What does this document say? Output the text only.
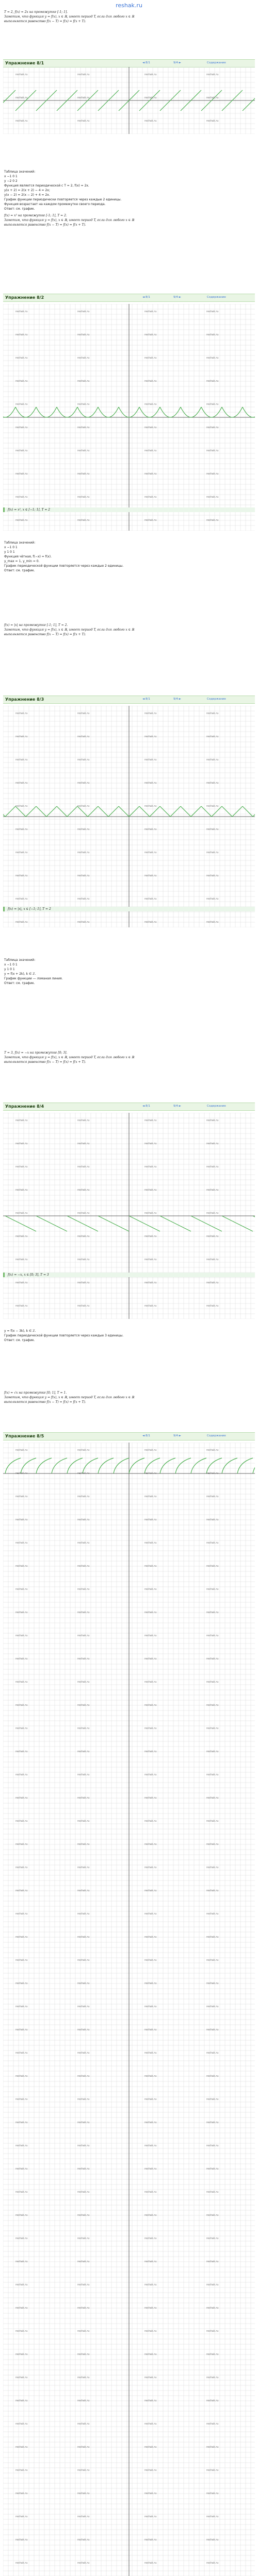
reshak.ru
T = 2, f(x) = 2x на промежутке [-1; 1].
Заметим, что функция y = f(x), x ∈ ℝ, имеет период T, если для любого x ∈ ℝ
выполняется равенство f(x − T) = f(x) = f(x + T).
Упражнение 8/1	◄ 8/1	9/4 ►	Содержание
reshak.ru	reshak.ru	reshak.ru	reshak.ru
reshak.ru	reshak.ru	reshak.ru	reshak.ru
reshak.ru	reshak.ru	reshak.ru	reshak.ru
Таблица значений:
x −1 0 1
y −2 0 2
Функция является периодической с T = 2, f(x) = 2x.
y(x + 2) = 2(x + 2) − 4 = 2x;
y(x − 2) = 2(x − 2) + 4 = 2x.
График функции периодически повторяется через каждые 2 единицы.
Функция возрастает на каждом промежутке своего периода.
Ответ: см. график.
f(x) = x² на промежутке [-1; 1], T = 2.
Заметим, что функция y = f(x), x ∈ ℝ, имеет период T, если для любого x ∈ ℝ
выполняется равенство f(x − T) = f(x) = f(x + T).
Упражнение 8/2	◄ 8/1	9/4 ►	Содержание
reshak.ru	reshak.ru	reshak.ru	reshak.ru
reshak.ru	reshak.ru	reshak.ru	reshak.ru
reshak.ru	reshak.ru	reshak.ru	reshak.ru
reshak.ru	reshak.ru	reshak.ru	reshak.ru
reshak.ru	reshak.ru	reshak.ru	reshak.ru
reshak.ru	reshak.ru	reshak.ru	reshak.ru
reshak.ru	reshak.ru	reshak.ru	reshak.ru
reshak.ru	reshak.ru	reshak.ru	reshak.ru
reshak.ru	reshak.ru	reshak.ru	reshak.ru
reshak.ru	reshak.ru	reshak.ru	reshak.ru
f(x) = x², x ∈ [−1; 1], T = 2
Таблица значений:
x −1 0 1
y 1 0 1
Функция чётная, f(−x) = f(x).
y_max = 1, y_min = 0.
График периодической функции повторяется через каждые 2 единицы.
Ответ: см. график.
f(x) = |x| на промежутке [-1; 1], T = 2.
Заметим, что функция y = f(x), x ∈ ℝ, имеет период T, если для любого x ∈ ℝ
выполняется равенство f(x − T) = f(x) = f(x + T).
Упражнение 8/3	◄ 8/1	9/4 ►	Содержание
reshak.ru	reshak.ru	reshak.ru	reshak.ru
reshak.ru	reshak.ru	reshak.ru	reshak.ru
reshak.ru	reshak.ru	reshak.ru	reshak.ru
reshak.ru	reshak.ru	reshak.ru	reshak.ru
reshak.ru	reshak.ru	reshak.ru	reshak.ru
reshak.ru	reshak.ru	reshak.ru	reshak.ru
reshak.ru	reshak.ru	reshak.ru	reshak.ru
reshak.ru	reshak.ru	reshak.ru	reshak.ru
reshak.ru	reshak.ru	reshak.ru	reshak.ru
reshak.ru	reshak.ru	reshak.ru	reshak.ru
f(x) = |x|, x ∈ [−1; 1], T = 2
Таблица значений:
x −1 0 1
y 1 0 1
y = f(x + 2k), k ∈ ℤ.
График функции — ломаная линия.
Ответ: см. график.
T = 3, f(x) = −x на промежутке [0; 3].
Заметим, что функция y = f(x), x ∈ ℝ, имеет период T, если для любого x ∈ ℝ
выполняется равенство f(x − T) = f(x) = f(x + T).
Упражнение 8/4	◄ 8/1	9/4 ►	Содержание
reshak.ru	reshak.ru	reshak.ru	reshak.ru
reshak.ru	reshak.ru	reshak.ru	reshak.ru
reshak.ru	reshak.ru	reshak.ru	reshak.ru
reshak.ru	reshak.ru	reshak.ru	reshak.ru
reshak.ru	reshak.ru	reshak.ru	reshak.ru
reshak.ru	reshak.ru	reshak.ru	reshak.ru
reshak.ru	reshak.ru	reshak.ru	reshak.ru
reshak.ru	reshak.ru	reshak.ru	reshak.ru
reshak.ru	reshak.ru	reshak.ru	reshak.ru
f(x) = −x, x ∈ [0; 3], T = 3
y = f(x − 3k), k ∈ ℤ.
График периодической функции повторяется через каждые 3 единицы.
Ответ: см. график.
f(x) = √x на промежутке [0; 1], T = 1.
Заметим, что функция y = f(x), x ∈ ℝ, имеет период T, если для любого x ∈ ℝ
выполняется равенство f(x − T) = f(x) = f(x + T).
Упражнение 8/5	◄ 8/1	9/4 ►	Содержание
reshak.ru	reshak.ru	reshak.ru	reshak.ru
reshak.ru	reshak.ru	reshak.ru	reshak.ru
reshak.ru	reshak.ru	reshak.ru	reshak.ru
reshak.ru	reshak.ru	reshak.ru	reshak.ru
reshak.ru	reshak.ru	reshak.ru	reshak.ru
reshak.ru	reshak.ru	reshak.ru	reshak.ru
reshak.ru	reshak.ru	reshak.ru	reshak.ru
reshak.ru	reshak.ru	reshak.ru	reshak.ru
reshak.ru	reshak.ru	reshak.ru	reshak.ru
reshak.ru	reshak.ru	reshak.ru	reshak.ru
reshak.ru	reshak.ru	reshak.ru	reshak.ru
reshak.ru	reshak.ru	reshak.ru	reshak.ru
reshak.ru	reshak.ru	reshak.ru	reshak.ru
reshak.ru	reshak.ru	reshak.ru	reshak.ru
reshak.ru	reshak.ru	reshak.ru	reshak.ru
reshak.ru	reshak.ru	reshak.ru	reshak.ru
reshak.ru	reshak.ru	reshak.ru	reshak.ru
reshak.ru	reshak.ru	reshak.ru	reshak.ru
reshak.ru	reshak.ru	reshak.ru	reshak.ru
reshak.ru	reshak.ru	reshak.ru	reshak.ru
reshak.ru	reshak.ru	reshak.ru	reshak.ru
reshak.ru	reshak.ru	reshak.ru	reshak.ru
reshak.ru	reshak.ru	reshak.ru	reshak.ru
reshak.ru	reshak.ru	reshak.ru	reshak.ru
reshak.ru	reshak.ru	reshak.ru	reshak.ru
reshak.ru	reshak.ru	reshak.ru	reshak.ru
reshak.ru	reshak.ru	reshak.ru	reshak.ru
reshak.ru	reshak.ru	reshak.ru	reshak.ru
reshak.ru	reshak.ru	reshak.ru	reshak.ru
reshak.ru	reshak.ru	reshak.ru	reshak.ru
reshak.ru	reshak.ru	reshak.ru	reshak.ru
reshak.ru	reshak.ru	reshak.ru	reshak.ru
reshak.ru	reshak.ru	reshak.ru	reshak.ru
reshak.ru	reshak.ru	reshak.ru	reshak.ru
reshak.ru	reshak.ru	reshak.ru	reshak.ru
reshak.ru	reshak.ru	reshak.ru	reshak.ru
reshak.ru	reshak.ru	reshak.ru	reshak.ru
reshak.ru	reshak.ru	reshak.ru	reshak.ru
reshak.ru	reshak.ru	reshak.ru	reshak.ru
reshak.ru	reshak.ru	reshak.ru	reshak.ru
reshak.ru	reshak.ru	reshak.ru	reshak.ru
reshak.ru	reshak.ru	reshak.ru	reshak.ru
reshak.ru	reshak.ru	reshak.ru	reshak.ru
reshak.ru	reshak.ru	reshak.ru	reshak.ru
reshak.ru	reshak.ru	reshak.ru	reshak.ru
reshak.ru	reshak.ru	reshak.ru	reshak.ru
reshak.ru	reshak.ru	reshak.ru	reshak.ru
reshak.ru	reshak.ru	reshak.ru	reshak.ru
reshak.ru	reshak.ru	reshak.ru	reshak.ru
